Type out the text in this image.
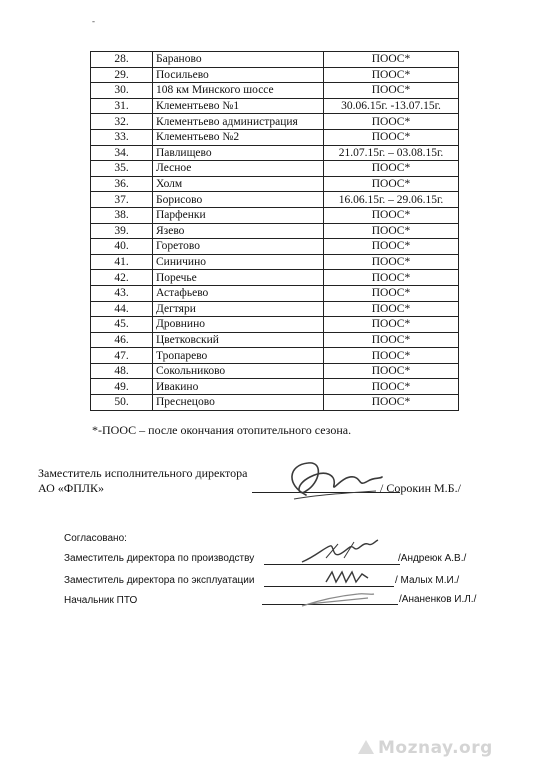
-
28.	Бараново	ПООС*
29.	Посильево	ПООС*
30.	108 км Минского шоссе	ПООС*
31.	Клементьево №1	30.06.15г. -13.07.15г.
32.	Клементьево администрация	ПООС*
33.	Клементьево №2	ПООС*
34.	Павлищево	21.07.15г. – 03.08.15г.
35.	Лесное	ПООС*
36.	Холм	ПООС*
37.	Борисово	16.06.15г. – 29.06.15г.
38.	Парфенки	ПООС*
39.	Язево	ПООС*
40.	Горетово	ПООС*
41.	Синичино	ПООС*
42.	Поречье	ПООС*
43.	Астафьево	ПООС*
44.	Дегтяри	ПООС*
45.	Дровнино	ПООС*
46.	Цветковский	ПООС*
47.	Тропарево	ПООС*
48.	Сокольниково	ПООС*
49.	Ивакино	ПООС*
50.	Преснецово	ПООС*
*-ПООС – после окончания отопительного сезона.
Заместитель исполнительного директора
АО «ФПЛК»	/ Сорокин М.Б./
Согласовано:
Заместитель директора по производству	/Андреюк А.В./
Заместитель директора по эксплуатации	/ Малых М.И./
Начальник ПТО	/Ананенков И.Л./
Moznay.org
